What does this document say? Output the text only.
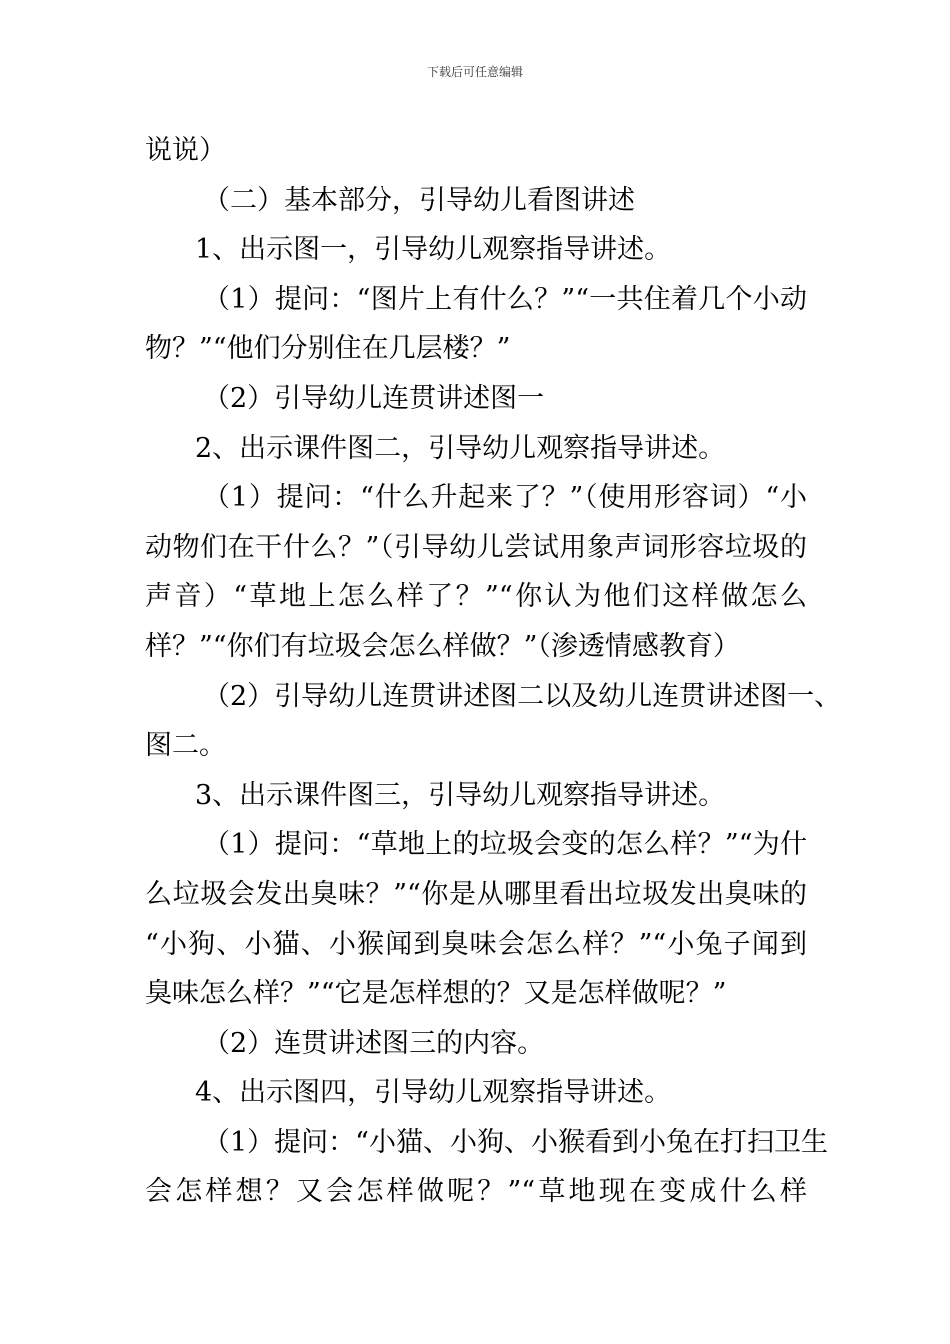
下载后可任意编辑
说说）
（二）基本部分，引导幼儿看图讲述
1、出示图一，引导幼儿观察指导讲述。
（1）提问：“图片上有什么？”“一共住着几个小动
物？”“他们分别住在几层楼？”
（2）引导幼儿连贯讲述图一
2、出示课件图二，引导幼儿观察指导讲述。
（1）提问：“什么升起来了？”（使用形容词）“小
动物们在干什么？”（引导幼儿尝试用象声词形容垃圾的
声音）“草地上怎么样了？”“你认为他们这样做怎么
样？”“你们有垃圾会怎么样做？”（渗透情感教育）
（2）引导幼儿连贯讲述图二以及幼儿连贯讲述图一、
图二。
3、出示课件图三，引导幼儿观察指导讲述。
（1）提问：“草地上的垃圾会变的怎么样？”“为什
么垃圾会发出臭味？”“你是从哪里看出垃圾发出臭味的
“小狗、小猫、小猴闻到臭味会怎么样？”“小兔子闻到
臭味怎么样？”“它是怎样想的？又是怎样做呢？”
（2）连贯讲述图三的内容。
4、出示图四，引导幼儿观察指导讲述。
（1）提问：“小猫、小狗、小猴看到小兔在打扫卫生
会怎样想？又会怎样做呢？”“草地现在变成什么样
